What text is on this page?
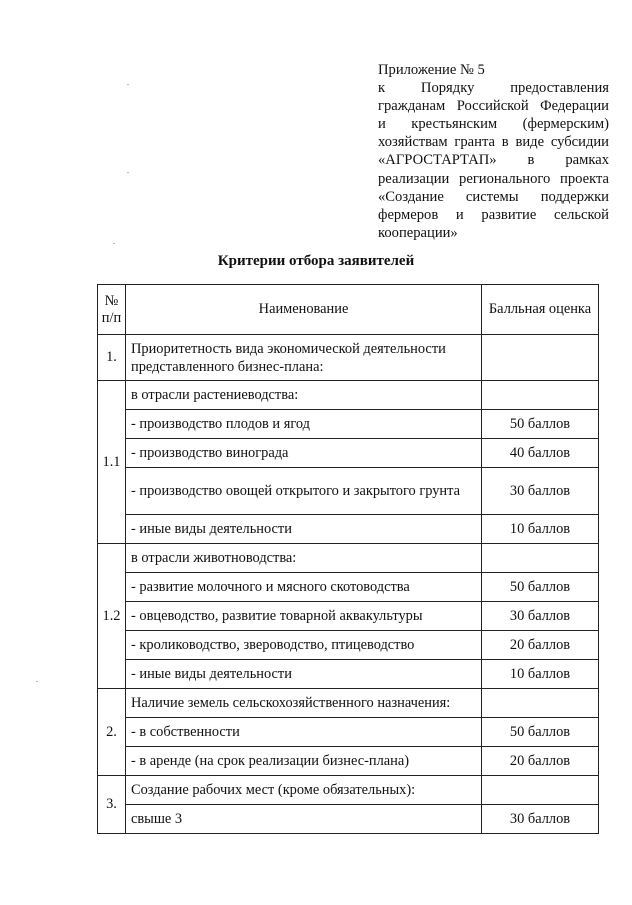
Приложение № 5
к Порядку предоставления
гражданам Российской Федерации
и крестьянским (фермерским)
хозяйствам гранта в виде субсидии
«АГРОСТАРТАП» в рамках
реализации регионального проекта
«Создание системы поддержки
фермеров и развитие сельской
кооперации»
Критерии отбора заявителей
№ п/п	Наименование	Балльная оценка
1.	Приоритетность вида экономической деятельности представленного бизнес-плана:	
1.1	в отрасли растениеводства:	
	- производство плодов и ягод	50 баллов
	- производство винограда	40 баллов
	- производство овощей открытого и закрытого грунта	30 баллов
	- иные виды деятельности	10 баллов
1.2	в отрасли животноводства:	
	- развитие молочного и мясного скотоводства	50 баллов
	- овцеводство, развитие товарной аквакультуры	30 баллов
	- кролиководство, звероводство, птицеводство	20 баллов
	- иные виды деятельности	10 баллов
2.	Наличие земель сельскохозяйственного назначения:	
	- в собственности	50 баллов
	- в аренде (на срок реализации бизнес-плана)	20 баллов
3.	Создание рабочих мест (кроме обязательных):	
	свыше 3	30 баллов
